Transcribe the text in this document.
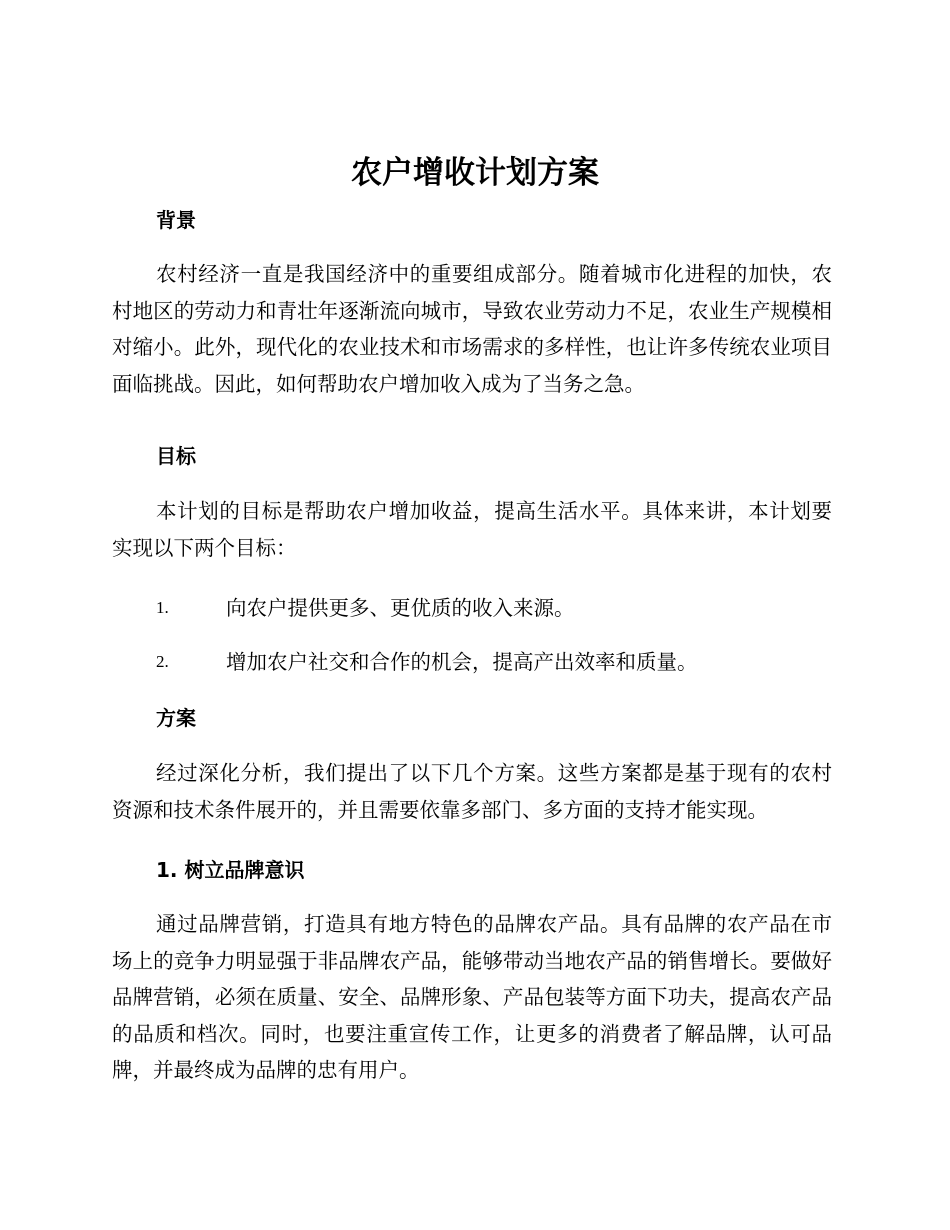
农户增收计划方案
背景

农村经济一直是我国经济中的重要组成部分。随着城市化进程的加快，农村地区的劳动力和青壮年逐渐流向城市，导致农业劳动力不足，农业生产规模相对缩小。此外，现代化的农业技术和市场需求的多样性，也让许多传统农业项目面临挑战。因此，如何帮助农户增加收入成为了当务之急。

目标

本计划的目标是帮助农户增加收益，提高生活水平。具体来讲，本计划要实现以下两个目标：

1.	向农户提供更多、更优质的收入来源。
2.	增加农户社交和合作的机会，提高产出效率和质量。
方案

经过深化分析，我们提出了以下几个方案。这些方案都是基于现有的农村资源和技术条件展开的，并且需要依靠多部门、多方面的支持才能实现。

1. 树立品牌意识

通过品牌营销，打造具有地方特色的品牌农产品。具有品牌的农产品在市场上的竞争力明显强于非品牌农产品，能够带动当地农产品的销售增长。要做好品牌营销，必须在质量、安全、品牌形象、产品包装等方面下功夫，提高农产品的品质和档次。同时，也要注重宣传工作，让更多的消费者了解品牌，认可品牌，并最终成为品牌的忠有用户。
